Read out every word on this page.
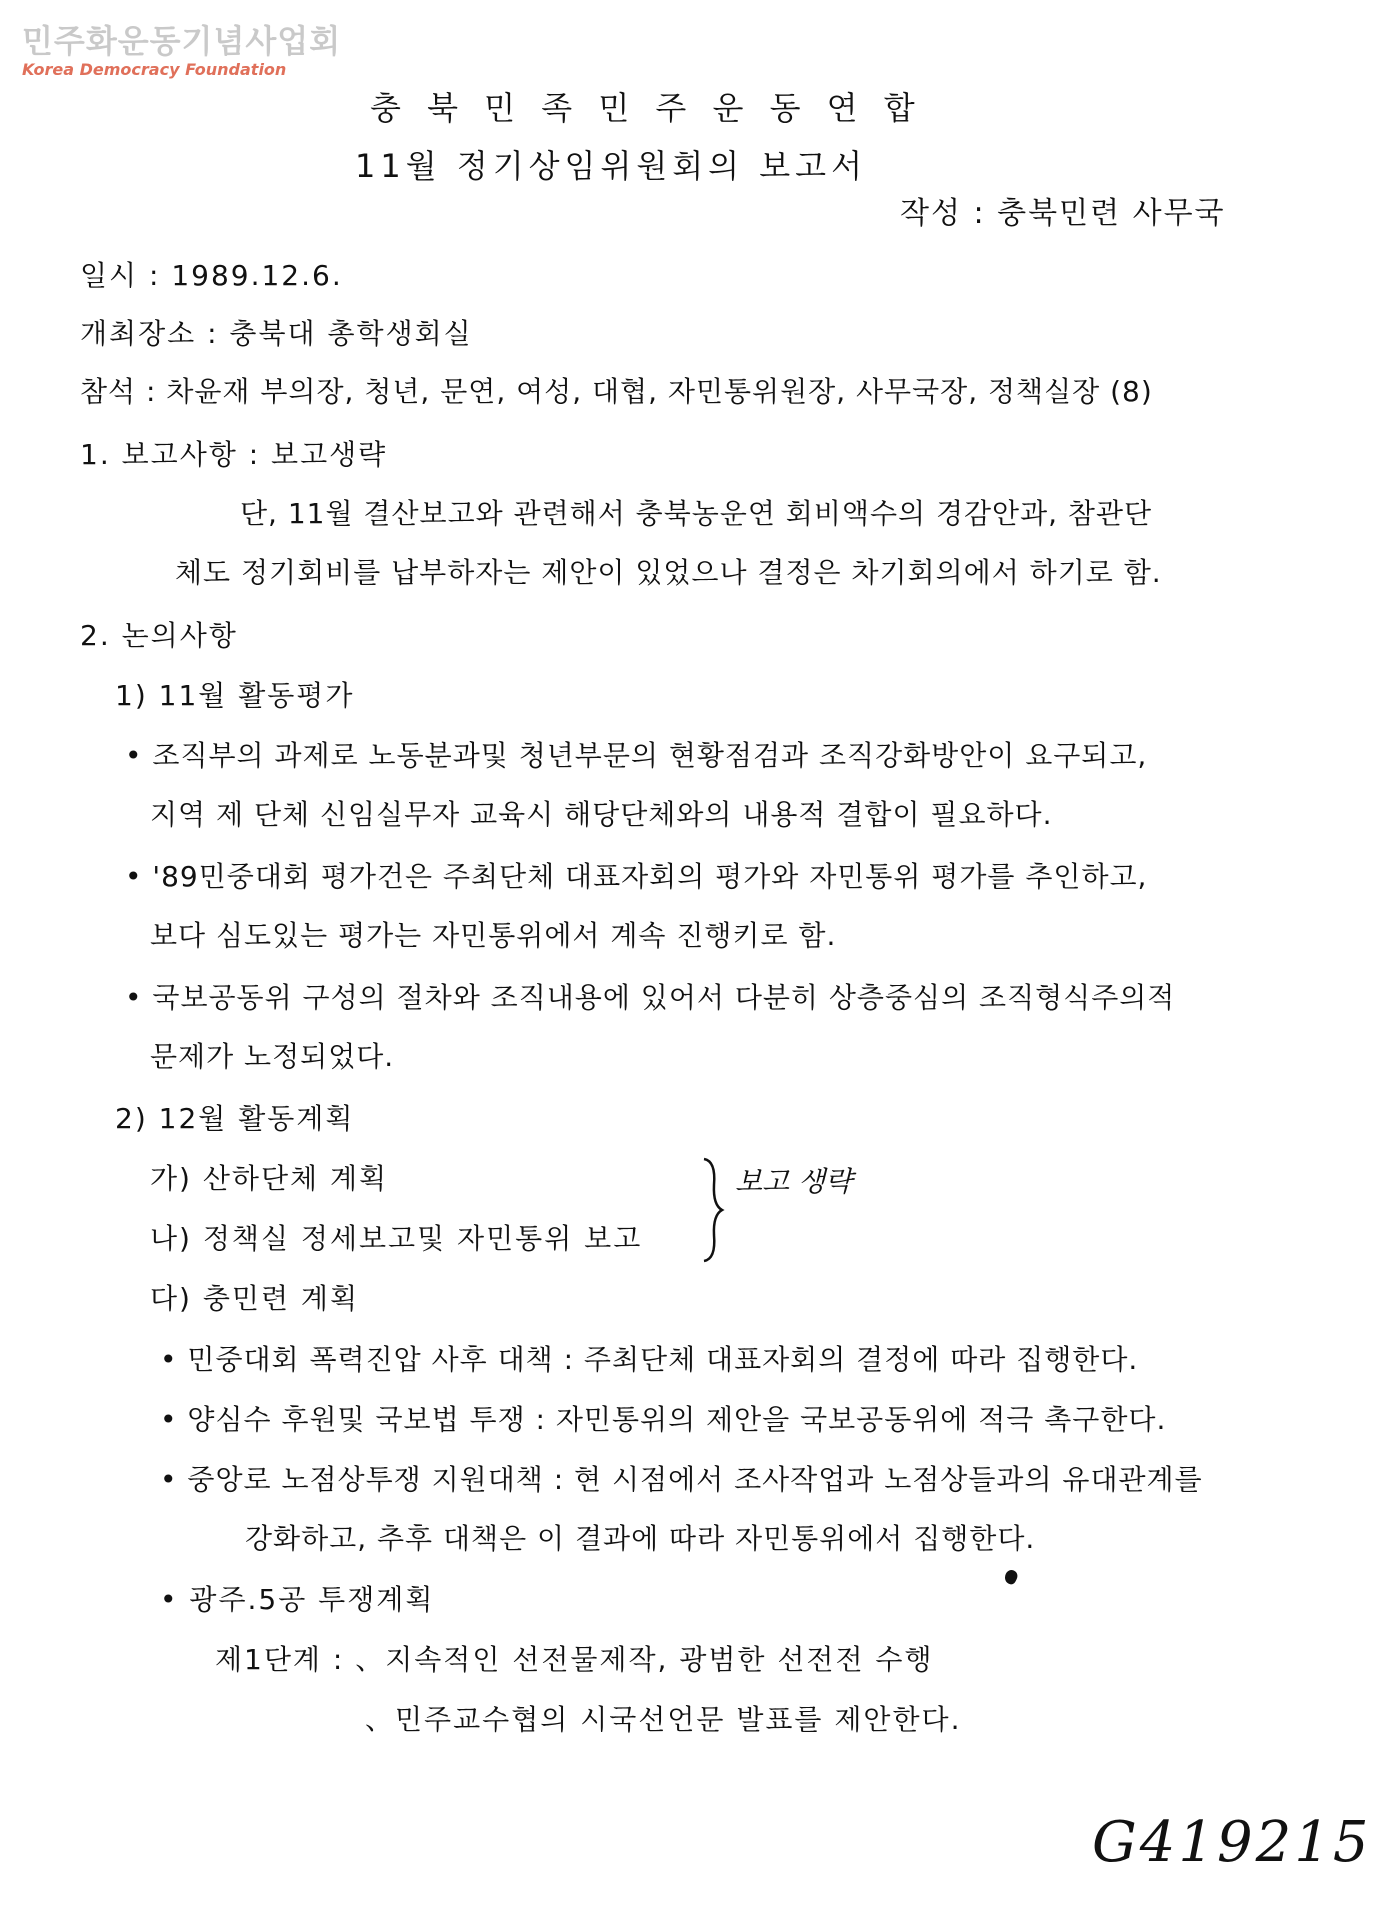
민주화운동기념사업회
Korea Democracy Foundation
충 북 민 족 민 주 운 동 연 합
11월 정기상임위원회의 보고서
작성 : 충북민련 사무국
일시 : 1989.12.6.
개최장소 : 충북대 총학생회실
참석 : 차윤재 부의장, 청년, 문연, 여성, 대협, 자민통위원장, 사무국장, 정책실장 (8)
1. 보고사항 : 보고생략
단, 11월 결산보고와 관련해서 충북농운연 회비액수의 경감안과, 참관단
체도 정기회비를 납부하자는 제안이 있었으나 결정은 차기회의에서 하기로 함.
2. 논의사항
1) 11월 활동평가
• 조직부의 과제로 노동분과및 청년부문의 현황점검과 조직강화방안이 요구되고,
지역 제 단체 신임실무자 교육시 해당단체와의 내용적 결합이 필요하다.
• '89민중대회 평가건은 주최단체 대표자회의 평가와 자민통위 평가를 추인하고,
보다 심도있는 평가는 자민통위에서 계속 진행키로 함.
• 국보공동위 구성의 절차와 조직내용에 있어서 다분히 상층중심의 조직형식주의적
문제가 노정되었다.
2) 12월 활동계획
가) 산하단체 계획
나) 정책실 정세보고및 자민통위 보고
보고 생략
다) 충민련 계획
• 민중대회 폭력진압 사후 대책 : 주최단체 대표자회의 결정에 따라 집행한다.
• 양심수 후원및 국보법 투쟁 : 자민통위의 제안을 국보공동위에 적극 촉구한다.
• 중앙로 노점상투쟁 지원대책 : 현 시점에서 조사작업과 노점상들과의 유대관계를
강화하고, 추후 대책은 이 결과에 따라 자민통위에서 집행한다.
• 광주.5공 투쟁계획
제1단계 : 、지속적인 선전물제작, 광범한 선전전 수행
、민주교수협의 시국선언문 발표를 제안한다.
G419215
